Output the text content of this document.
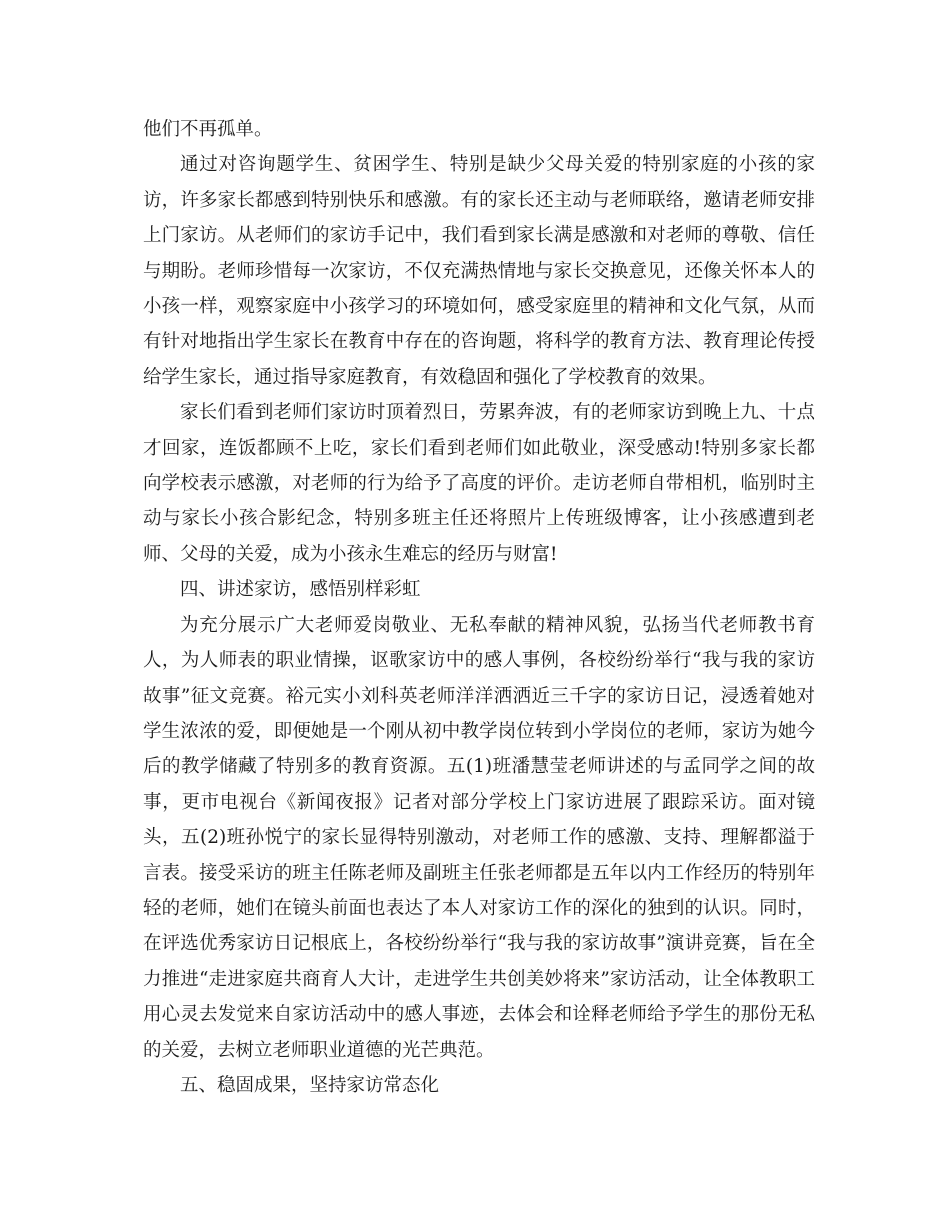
他们不再孤单。

通过对咨询题学生、贫困学生、特别是缺少父母关爱的特别家庭的小孩的家访，许多家长都感到特别快乐和感激。有的家长还主动与老师联络，邀请老师安排上门家访。从老师们的家访手记中，我们看到家长满是感激和对老师的尊敬、信任与期盼。老师珍惜每一次家访，不仅充满热情地与家长交换意见，还像关怀本人的小孩一样，观察家庭中小孩学习的环境如何，感受家庭里的精神和文化气氛，从而有针对地指出学生家长在教育中存在的咨询题，将科学的教育方法、教育理论传授给学生家长，通过指导家庭教育，有效稳固和强化了学校教育的效果。

家长们看到老师们家访时顶着烈日，劳累奔波，有的老师家访到晚上九、十点才回家，连饭都顾不上吃，家长们看到老师们如此敬业，深受感动!特别多家长都向学校表示感激，对老师的行为给予了高度的评价。走访老师自带相机，临别时主动与家长小孩合影纪念，特别多班主任还将照片上传班级博客，让小孩感遭到老师、父母的关爱，成为小孩永生难忘的经历与财富!

四、讲述家访，感悟别样彩虹

为充分展示广大老师爱岗敬业、无私奉献的精神风貌，弘扬当代老师教书育人，为人师表的职业情操，讴歌家访中的感人事例，各校纷纷举行“我与我的家访故事”征文竞赛。裕元实小刘科英老师洋洋洒洒近三千字的家访日记，浸透着她对学生浓浓的爱，即便她是一个刚从初中教学岗位转到小学岗位的老师，家访为她今后的教学储藏了特别多的教育资源。五(1)班潘慧莹老师讲述的与孟同学之间的故事，更市电视台《新闻夜报》记者对部分学校上门家访进展了跟踪采访。面对镜头，五(2)班孙悦宁的家长显得特别激动，对老师工作的感激、支持、理解都溢于言表。接受采访的班主任陈老师及副班主任张老师都是五年以内工作经历的特别年轻的老师，她们在镜头前面也表达了本人对家访工作的深化的独到的认识。同时，在评选优秀家访日记根底上，各校纷纷举行“我与我的家访故事”演讲竞赛，旨在全力推进“走进家庭共商育人大计，走进学生共创美妙将来”家访活动，让全体教职工用心灵去发觉来自家访活动中的感人事迹，去体会和诠释老师给予学生的那份无私的关爱，去树立老师职业道德的光芒典范。

五、稳固成果，坚持家访常态化
